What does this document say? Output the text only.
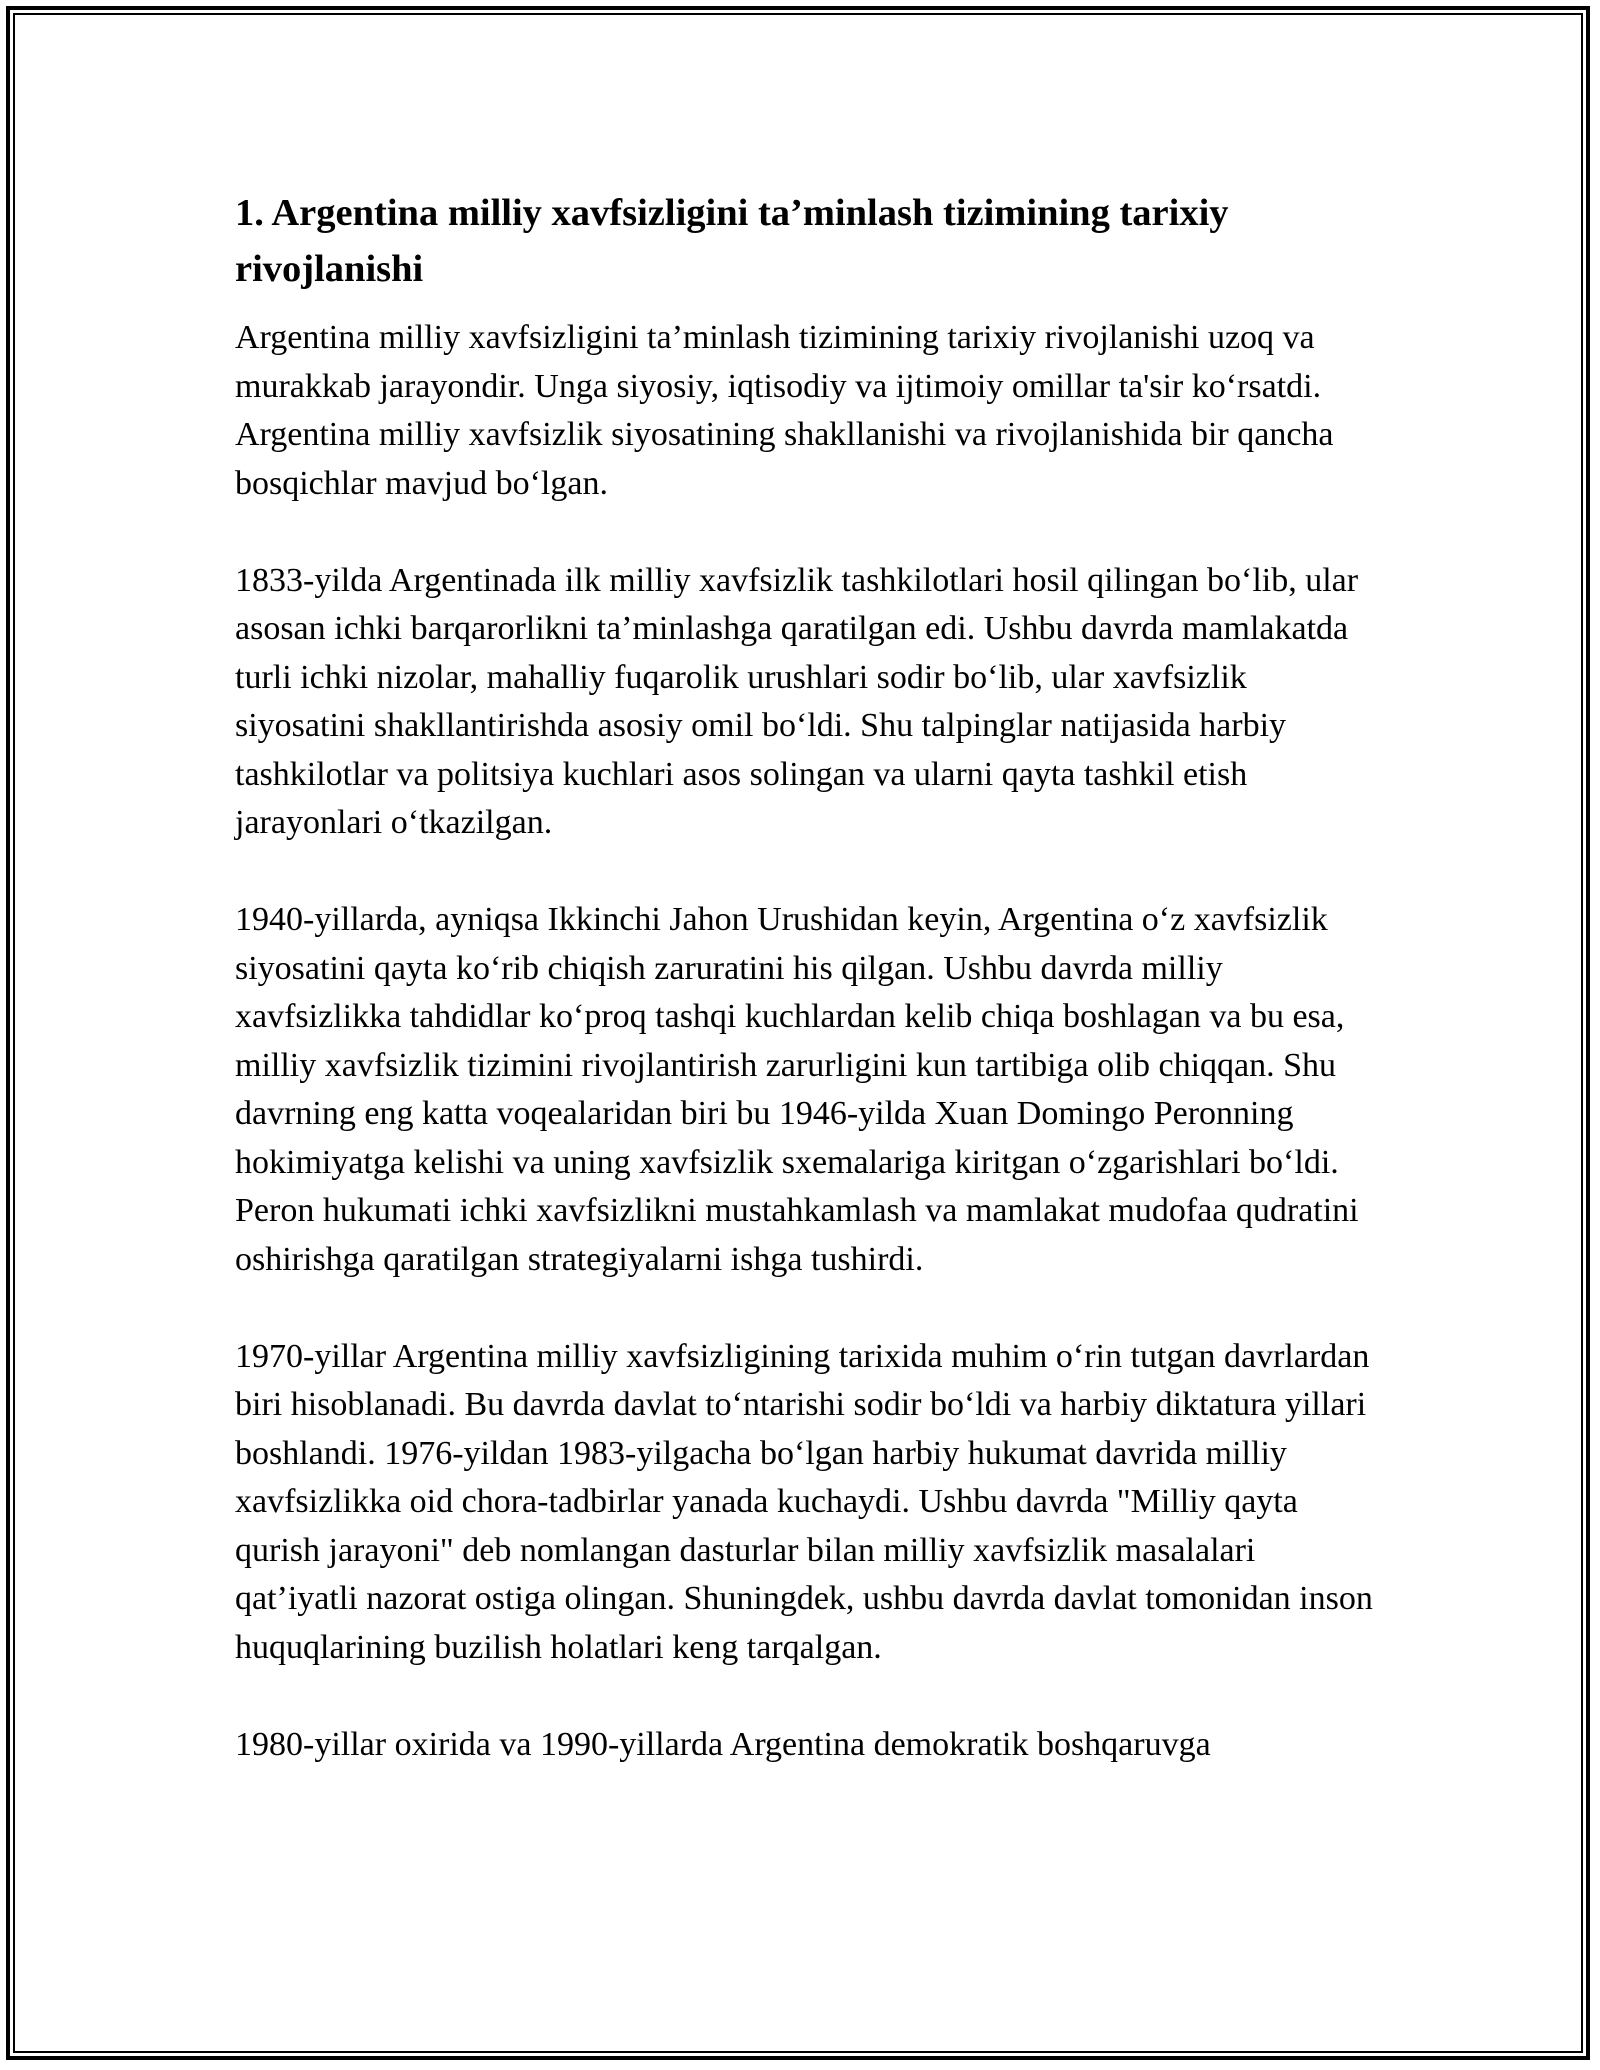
1. Argentina milliy xavfsizligini ta’minlash tizimining tarixiy rivojlanishi

Argentina milliy xavfsizligini ta’minlash tizimining tarixiy rivojlanishi uzoq va murakkab jarayondir. Unga siyosiy, iqtisodiy va ijtimoiy omillar ta'sir koʻrsatdi. Argentina milliy xavfsizlik siyosatining shakllanishi va rivojlanishida bir qancha bosqichlar mavjud boʻlgan.

1833-yilda Argentinada ilk milliy xavfsizlik tashkilotlari hosil qilingan boʻlib, ular asosan ichki barqarorlikni ta’minlashga qaratilgan edi. Ushbu davrda mamlakatda turli ichki nizolar, mahalliy fuqarolik urushlari sodir boʻlib, ular xavfsizlik siyosatini shakllantirishda asosiy omil boʻldi. Shu talpinglar natijasida harbiy tashkilotlar va politsiya kuchlari asos solingan va ularni qayta tashkil etish jarayonlari oʻtkazilgan.

1940-yillarda, ayniqsa Ikkinchi Jahon Urushidan keyin, Argentina oʻz xavfsizlik siyosatini qayta koʻrib chiqish zaruratini his qilgan. Ushbu davrda milliy xavfsizlikka tahdidlar koʻproq tashqi kuchlardan kelib chiqa boshlagan va bu esa, milliy xavfsizlik tizimini rivojlantirish zarurligini kun tartibiga olib chiqqan. Shu davrning eng katta voqealaridan biri bu 1946-yilda Xuan Domingo Peronning hokimiyatga kelishi va uning xavfsizlik sxemalariga kiritgan oʻzgarishlari boʻldi. Peron hukumati ichki xavfsizlikni mustahkamlash va mamlakat mudofaa qudratini oshirishga qaratilgan strategiyalarni ishga tushirdi.

1970-yillar Argentina milliy xavfsizligining tarixida muhim oʻrin tutgan davrlardan biri hisoblanadi. Bu davrda davlat toʻntarishi sodir boʻldi va harbiy diktatura yillari boshlandi. 1976-yildan 1983-yilgacha boʻlgan harbiy hukumat davrida milliy xavfsizlikka oid chora-tadbirlar yanada kuchaydi. Ushbu davrda "Milliy qayta qurish jarayoni" deb nomlangan dasturlar bilan milliy xavfsizlik masalalari qat’iyatli nazorat ostiga olingan. Shuningdek, ushbu davrda davlat tomonidan inson huquqlarining buzilish holatlari keng tarqalgan.

1980-yillar oxirida va 1990-yillarda Argentina demokratik boshqaruvga
